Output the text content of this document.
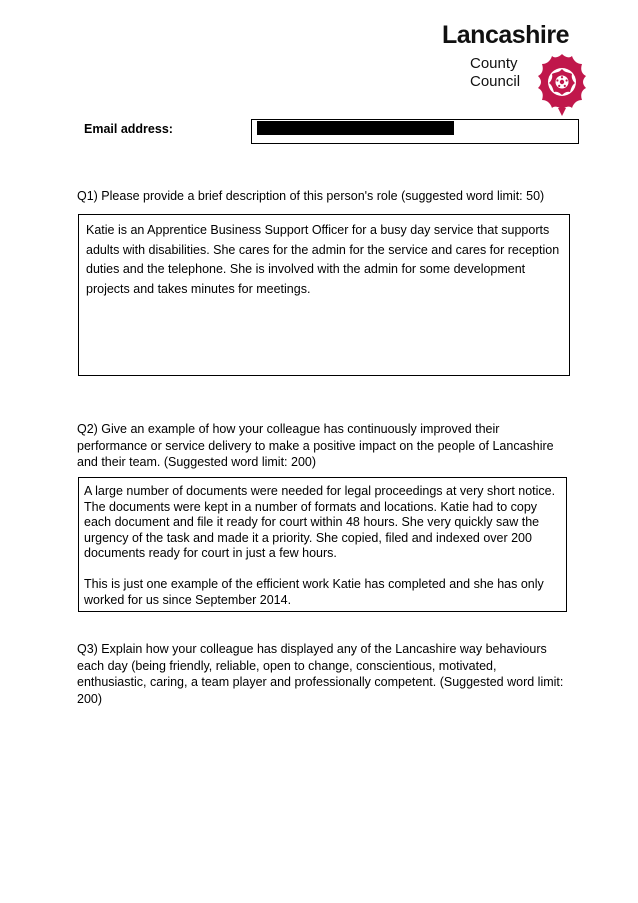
Lancashire
County
Council
Email address:
Q1) Please provide a brief description of this person's role (suggested word limit: 50)
Katie is an Apprentice Business Support Officer for a busy day service that supports adults with disabilities. She cares for the admin for the service and cares for reception duties and the telephone. She is involved with the admin for some development projects and takes minutes for meetings.
Q2) Give an example of how your colleague has continuously improved their performance or service delivery to make a positive impact on the people of Lancashire and their team. (Suggested word limit: 200)

A large number of documents were needed for legal proceedings at very short notice. The documents were kept in a number of formats and locations. Katie had to copy each document and file it ready for court within 48 hours. She very quickly saw the urgency of the task and made it a priority. She copied, filed and indexed over 200 documents ready for court in just a few hours.

This is just one example of the efficient work Katie has completed and she has only worked for us since September 2014.

Q3) Explain how your colleague has displayed any of the Lancashire way behaviours each day (being friendly, reliable, open to change, conscientious, motivated, enthusiastic, caring, a team player and professionally competent. (Suggested word limit: 200)
